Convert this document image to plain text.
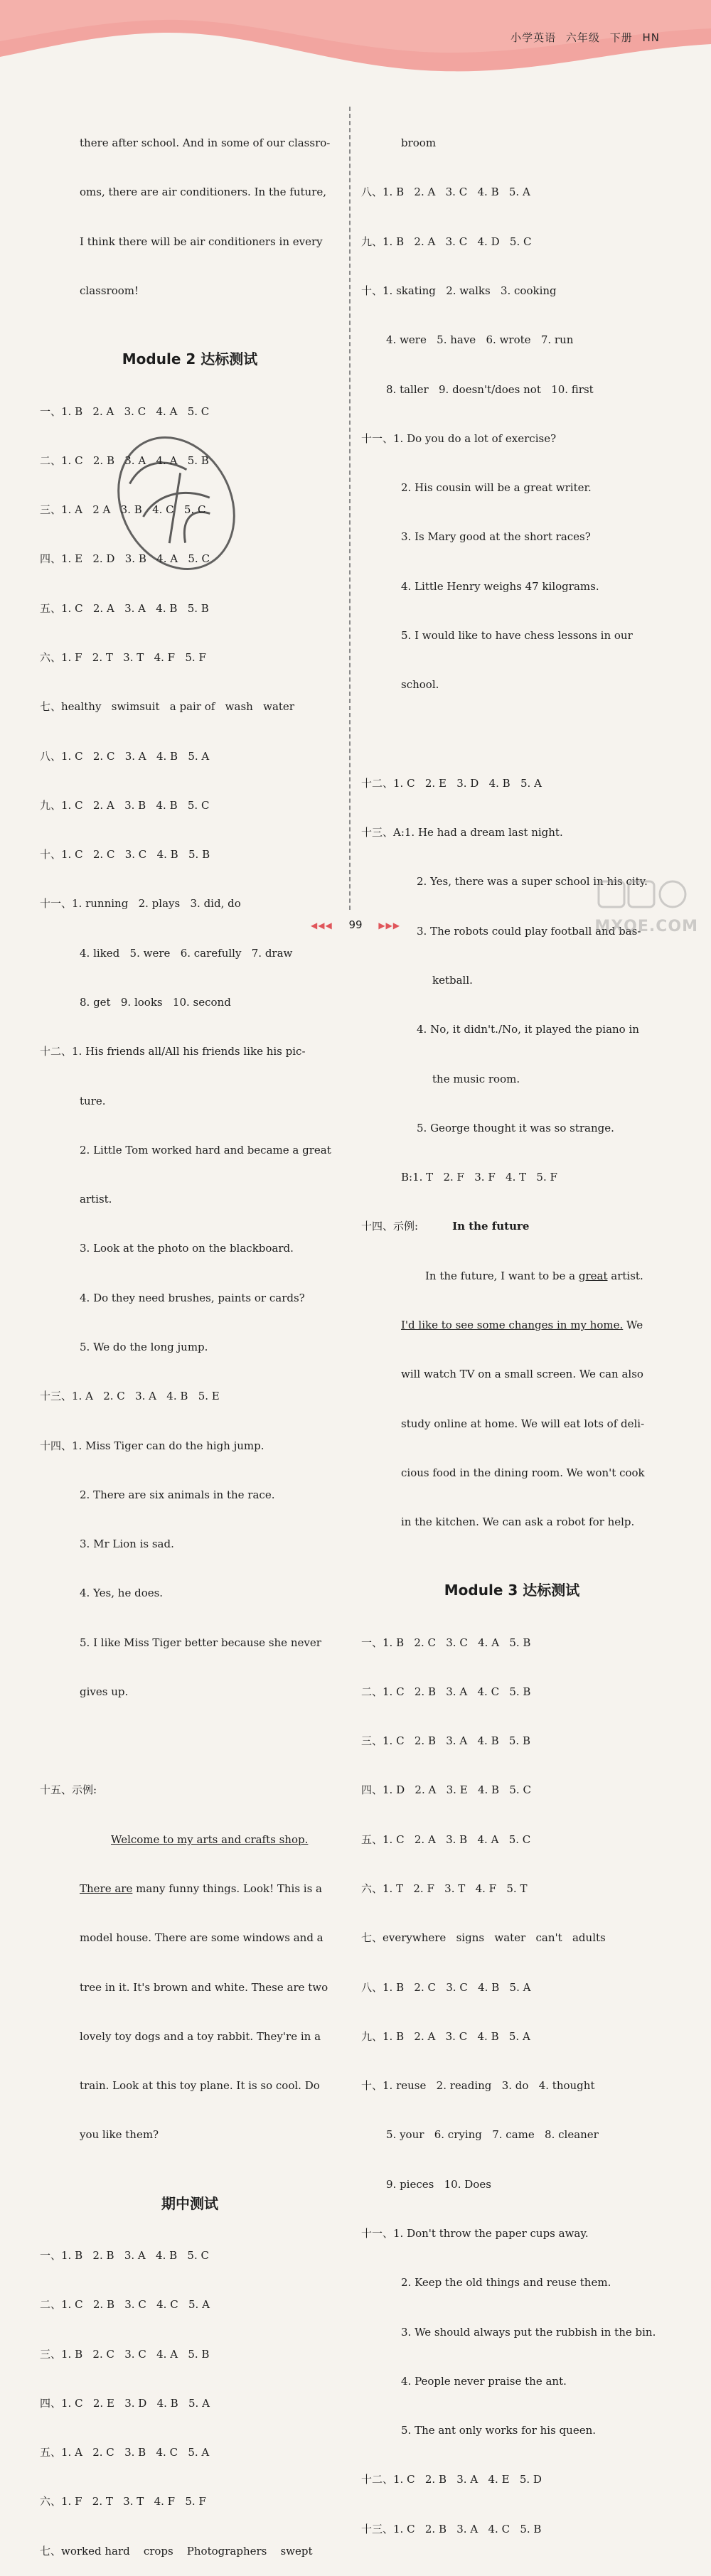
小学英语 六年级 下册 HN

there after school. And in some of our classro-

oms, there are air conditioners. In the future,

I think there will be air conditioners in every

classroom!

Module 2 达标测试

一、1. B   2. A   3. C   4. A   5. C

二、1. C   2. B   3. A   4. A   5. B

三、1. A   2 A   3. B   4. C   5. C

四、1. E   2. D   3. B   4. A   5. C

五、1. C   2. A   3. A   4. B   5. B

六、1. F   2. T   3. T   4. F   5. F

七、healthy   swimsuit   a pair of   wash   water

八、1. C   2. C   3. A   4. B   5. A

九、1. C   2. A   3. B   4. B   5. C

十、1. C   2. C   3. C   4. B   5. B

十一、1. running   2. plays   3. did, do

4. liked   5. were   6. carefully   7. draw

8. get   9. looks   10. second

十二、1. His friends all/All his friends like his pic-

ture.

2. Little Tom worked hard and became a great

artist.

3. Look at the photo on the blackboard.

4. Do they need brushes, paints or cards?

5. We do the long jump.

十三、1. A   2. C   3. A   4. B   5. E

十四、1. Miss Tiger can do the high jump.

2. There are six animals in the race.

3. Mr Lion is sad.

4. Yes, he does.

5. I like Miss Tiger better because she never

gives up.

十五、示例:

Welcome to my arts and crafts shop.

There are many funny things. Look! This is a

model house. There are some windows and a

tree in it. It's brown and white. These are two

lovely toy dogs and a toy rabbit. They're in a

train. Look at this toy plane. It is so cool. Do

you like them?

期中测试

一、1. B   2. B   3. A   4. B   5. C

二、1. C   2. B   3. C   4. C   5. A

三、1. B   2. C   3. C   4. A   5. B

四、1. C   2. E   3. D   4. B   5. A

五、1. A   2. C   3. B   4. C   5. A

六、1. F   2. T   3. T   4. F   5. F

七、worked hard    crops    Photographers    swept

broom

八、1. B   2. A   3. C   4. B   5. A

九、1. B   2. A   3. C   4. D   5. C

十、1. skating   2. walks   3. cooking

4. were   5. have   6. wrote   7. run

8. taller   9. doesn't/does not   10. first

十一、1. Do you do a lot of exercise?

2. His cousin will be a great writer.

3. Is Mary good at the short races?

4. Little Henry weighs 47 kilograms.

5. I would like to have chess lessons in our

school.

十二、1. C   2. E   3. D   4. B   5. A

十三、A:1. He had a dream last night.

2. Yes, there was a super school in his city.

3. The robots could play football and bas-

ketball.

4. No, it didn't./No, it played the piano in

the music room.

5. George thought it was so strange.

B:1. T   2. F   3. F   4. T   5. F

十四、示例:	In the future

In the future, I want to be a great artist.

I'd like to see some changes in my home. We

will watch TV on a small screen. We can also

study online at home. We will eat lots of deli-

cious food in the dining room. We won't cook

in the kitchen. We can ask a robot for help.

Module 3 达标测试

一、1. B   2. C   3. C   4. A   5. B

二、1. C   2. B   3. A   4. C   5. B

三、1. C   2. B   3. A   4. B   5. B

四、1. D   2. A   3. E   4. B   5. C

五、1. C   2. A   3. B   4. A   5. C

六、1. T   2. F   3. T   4. F   5. T

七、everywhere   signs   water   can't   adults

八、1. B   2. C   3. C   4. B   5. A

九、1. B   2. A   3. C   4. B   5. A

十、1. reuse   2. reading   3. do   4. thought

5. your   6. crying   7. came   8. cleaner

9. pieces   10. Does

十一、1. Don't throw the paper cups away.

2. Keep the old things and reuse them.

3. We should always put the rubbish in the bin.

4. People never praise the ant.

5. The ant only works for his queen.

十二、1. C   2. B   3. A   4. E   5. D

十三、1. C   2. B   3. A   4. C   5. B

◀◀◀ 99 ▶▶▶	MXQE.COM
